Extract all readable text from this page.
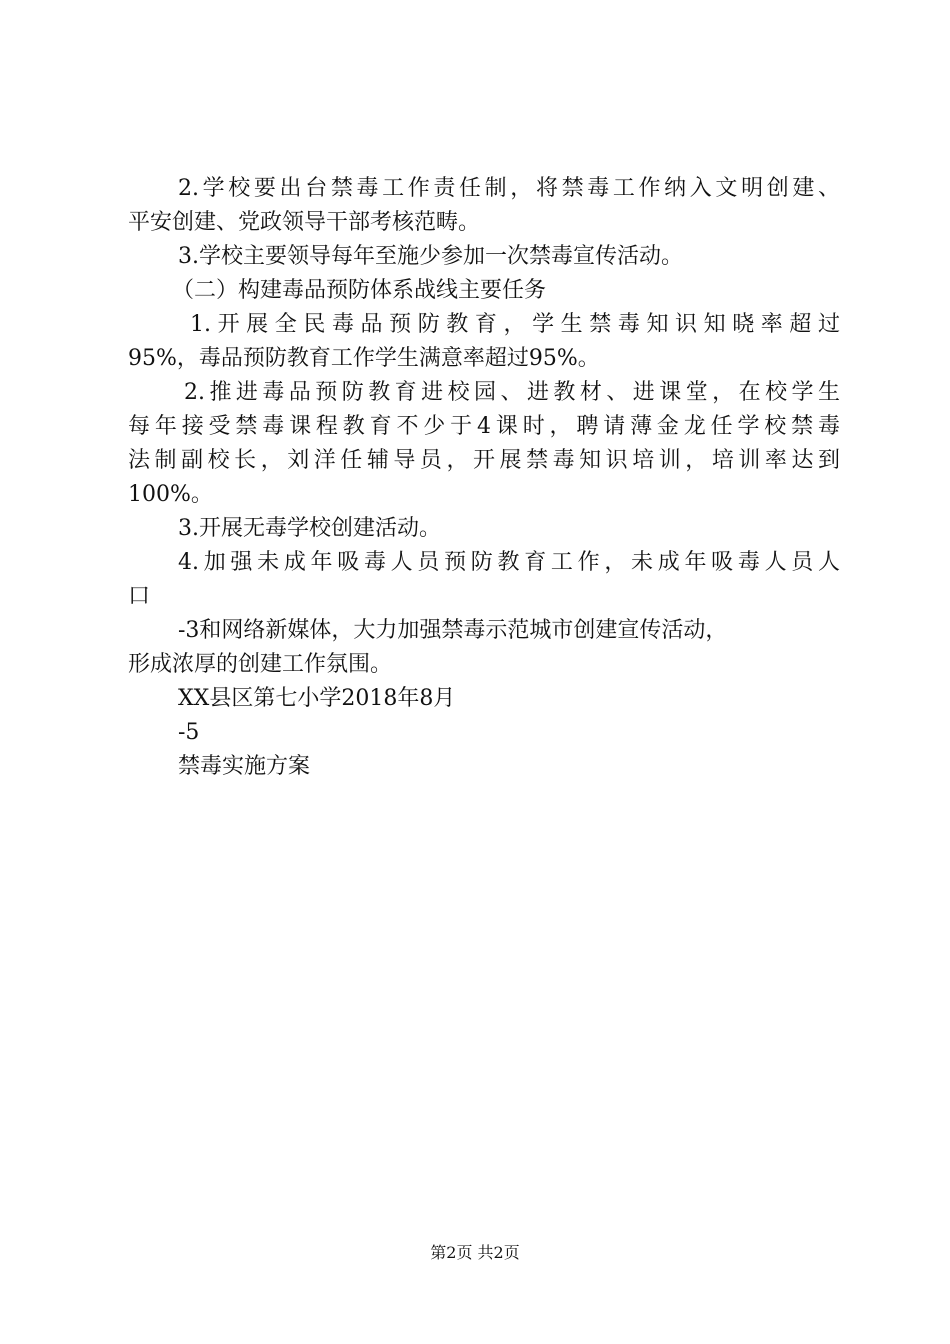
2.学校要出台禁毒工作责任制，将禁毒工作纳入文明创建、
平安创建、党政领导干部考核范畴。
3.学校主要领导每年至施少参加一次禁毒宣传活动。
（二）构建毒品预防体系战线主要任务
1.开展全民毒品预防教育，学生禁毒知识知晓率超过
95%，毒品预防教育工作学生满意率超过95%。
2.推进毒品预防教育进校园、进教材、进课堂，在校学生
每年接受禁毒课程教育不少于4课时，聘请薄金龙任学校禁毒
法制副校长，刘洋任辅导员，开展禁毒知识培训，培训率达到
100%。
3.开展无毒学校创建活动。
4.加强未成年吸毒人员预防教育工作，未成年吸毒人员人
口
-3和网络新媒体，大力加强禁毒示范城市创建宣传活动，
形成浓厚的创建工作氛围。
XX县区第七小学2018年8月
-5
禁毒实施方案
第2页 共2页
